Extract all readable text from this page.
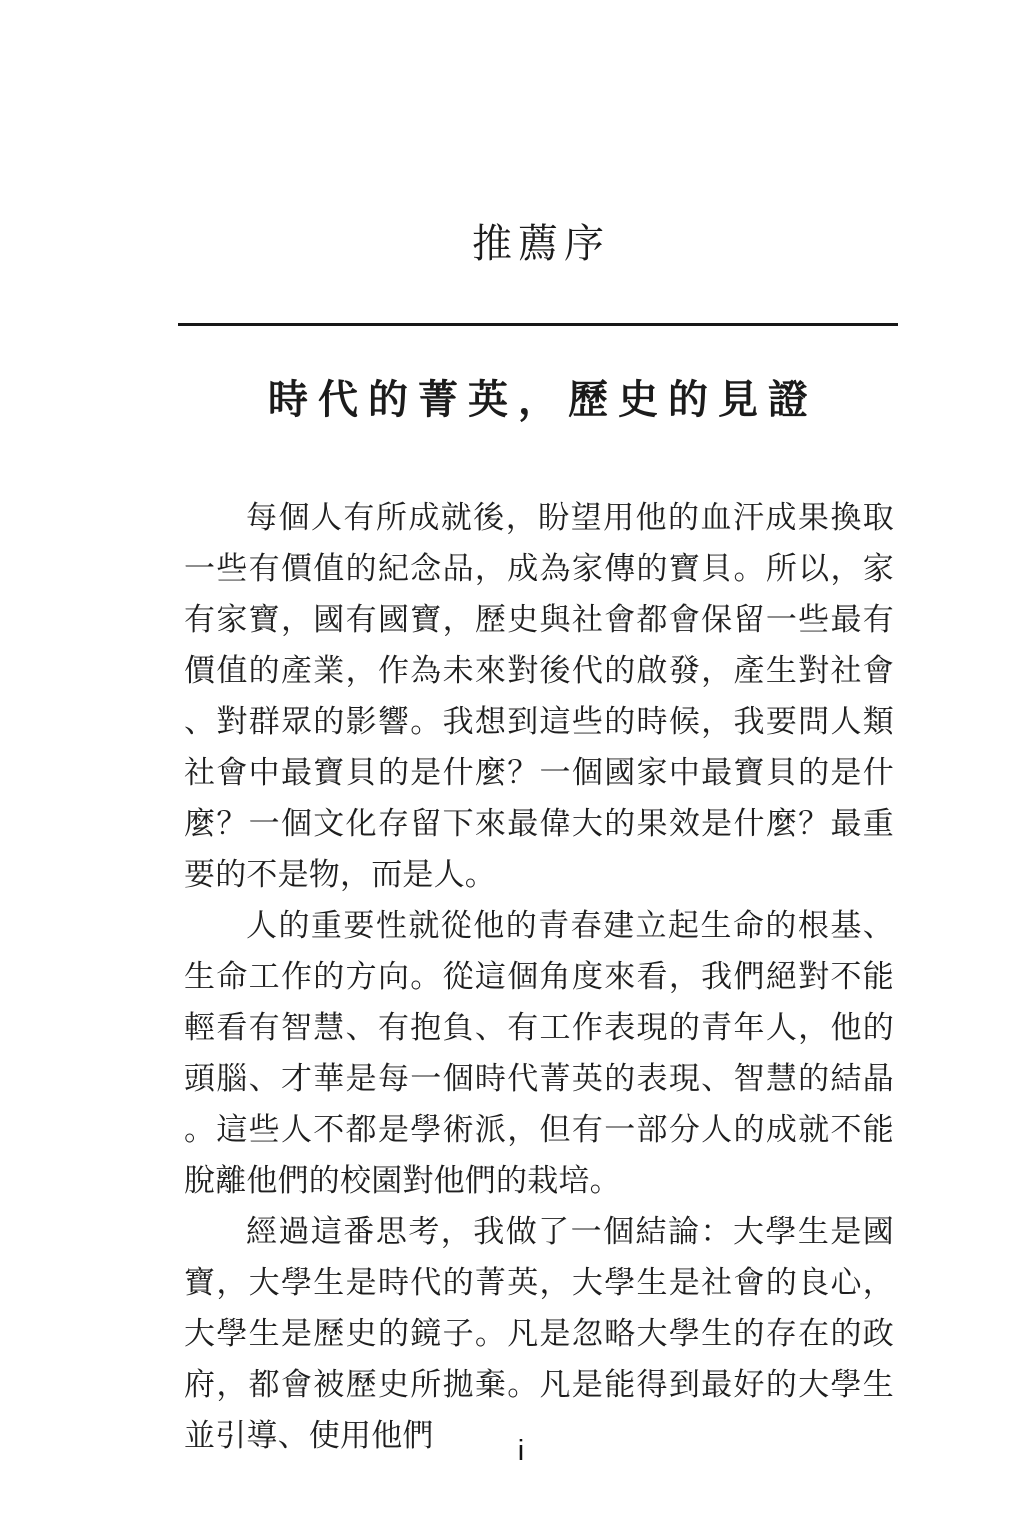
推薦序
時代的菁英，歷史的見證

每個人有所成就後，盼望用他的血汗成果換取一些有價值的紀念品，成為家傳的寶貝。所以，家有家寶，國有國寶，歷史與社會都會保留一些最有價值的產業，作為未來對後代的啟發，產生對社會、對群眾的影響。我想到這些的時候，我要問人類社會中最寶貝的是什麼？一個國家中最寶貝的是什麼？一個文化存留下來最偉大的果效是什麼？最重要的不是物，而是人。

人的重要性就從他的青春建立起生命的根基、生命工作的方向。從這個角度來看，我們絕對不能輕看有智慧、有抱負、有工作表現的青年人，他的頭腦、才華是每一個時代菁英的表現、智慧的結晶。這些人不都是學術派，但有一部分人的成就不能脫離他們的校園對他們的栽培。

經過這番思考，我做了一個結論：大學生是國寶，大學生是時代的菁英，大學生是社會的良心，大學生是歷史的鏡子。凡是忽略大學生的存在的政府，都會被歷史所拋棄。凡是能得到最好的大學生並引導、使用他們	i
